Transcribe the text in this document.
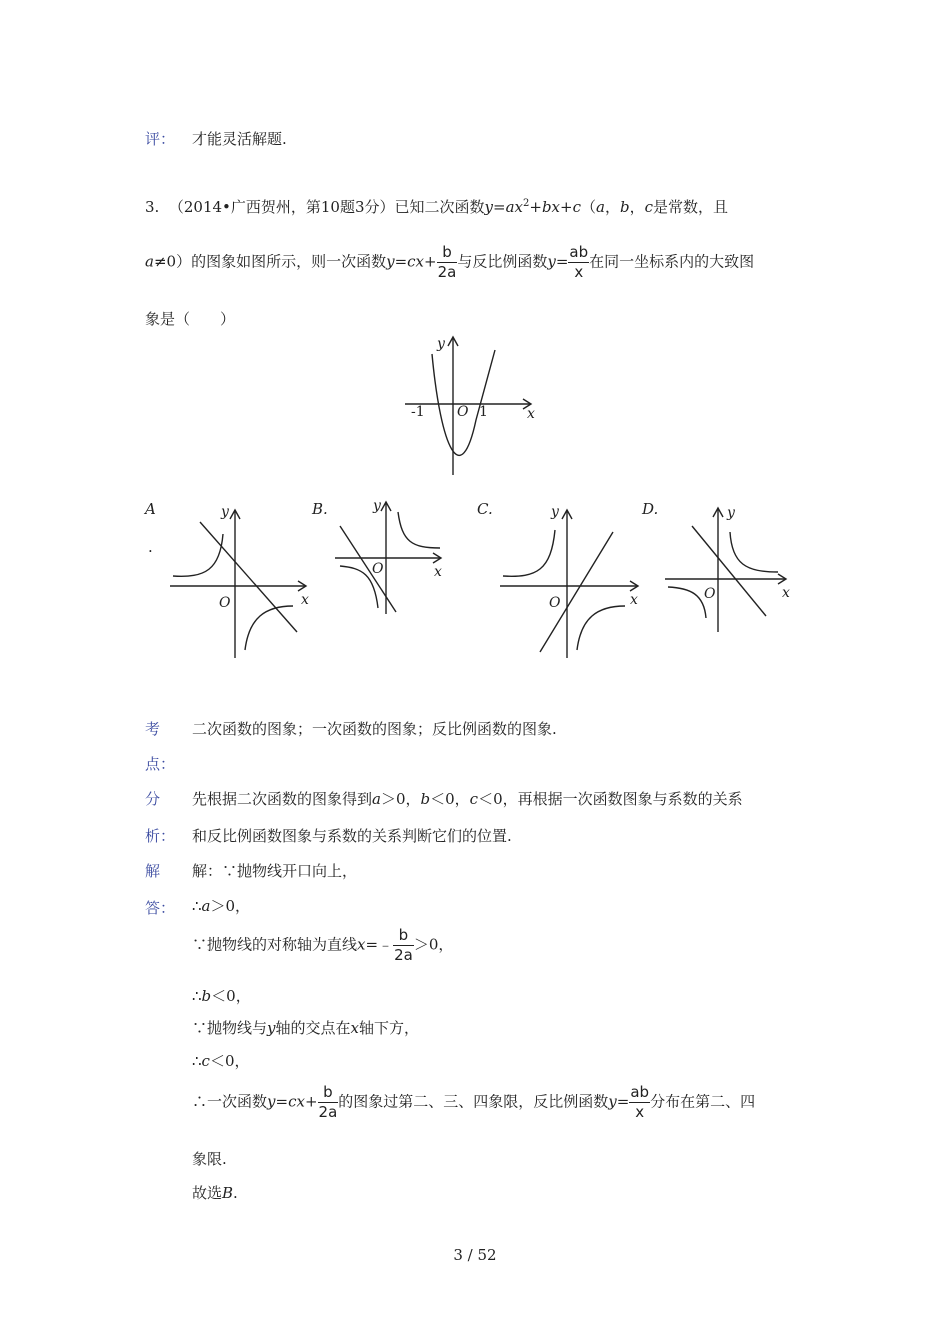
评： 才能灵活解题.
3. （2014•广西贺州，第10题3分）已知二次函数$y=ax^2+bx+c(a$，b，c是常数，且
a≠0）的图象如图所示，则一次函数$y=cx+ \frac{b}{2a}$ 与反比例函数$y= \frac{ab}{x}$ 在同一坐标系内的大致图
象是（　　）
y
x
O
-1	1
A
.
y
x
O
B.	y
x
O
C.	y
x
O
D.	y
x
O
考
点：
二次函数的图象；一次函数的图象；反比例函数的图象.
分
析：
先根据二次函数的图象得到a＞0，b＜0，c＜0，再根据一次函数图象与系数的关系
和反比例函数图象与系数的关系判断它们的位置.
解
答：
解：∵抛物线开口向上，
∴a＞0，
∵抛物线的对称轴为直线x=﹣ $\frac{b}{2a} >0$，
∴b＜0，
∵抛物线与y轴的交点在x轴下方，
∴c＜0，
∴一次函数$y=cx+ \frac{b}{2a}$ 的图象过第二、三、四象限，反比例函数$y= \frac{ab}{x}$ 分布在第二、四
象限.
故选B.
3 / 52
